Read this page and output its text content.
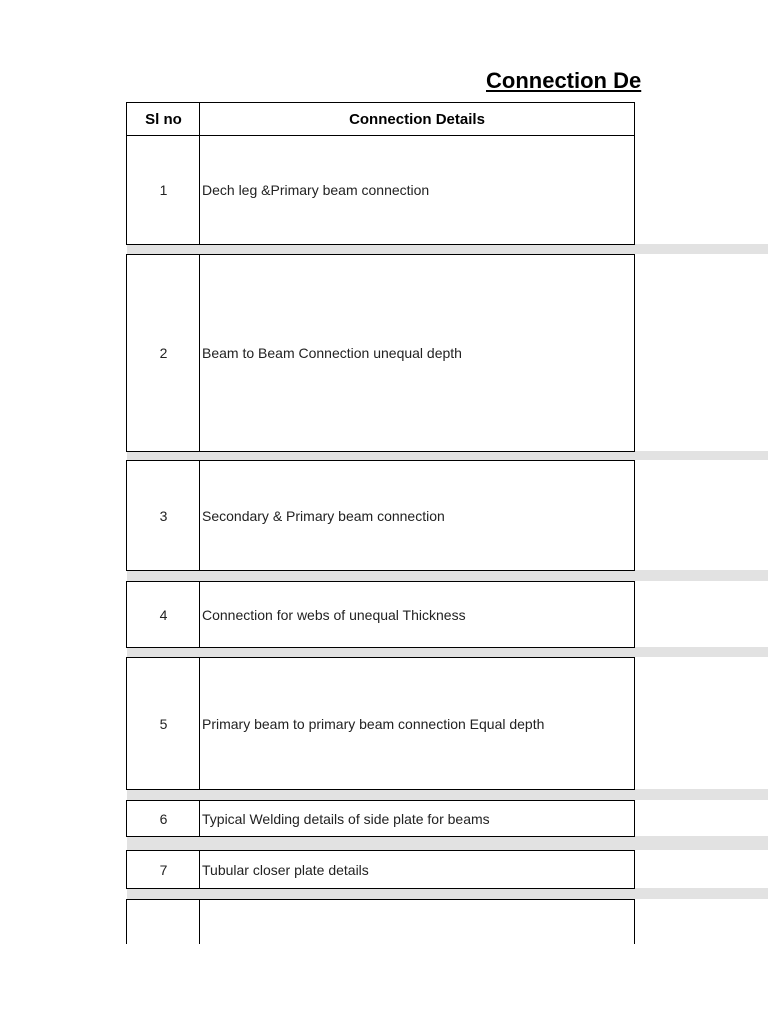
Connection De
Sl no	Connection Details
1	Dech leg &Primary beam connection
2	Beam to Beam Connection unequal depth
3	Secondary & Primary beam connection
4	Connection for webs of unequal Thickness
5	Primary beam to primary beam connection Equal depth
6	Typical Welding details of side plate for beams
7	Tubular closer plate details
